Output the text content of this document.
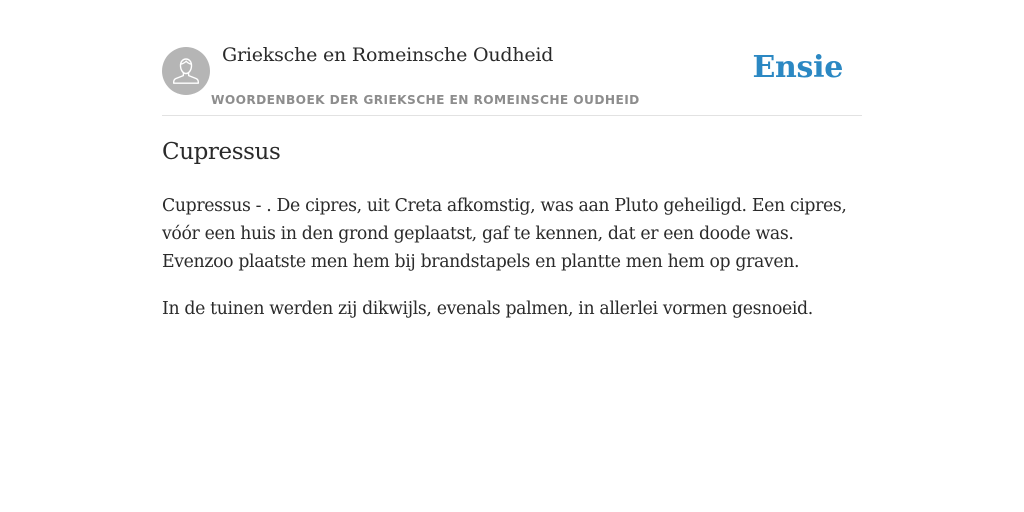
Grieksche en Romeinsche Oudheid
WOORDENBOEK DER GRIEKSCHE EN ROMEINSCHE OUDHEID
Ensie
Cupressus

Cupressus - . De cipres, uit Creta afkomstig, was aan Pluto geheiligd. Een cipres, vóór een huis in den grond geplaatst, gaf te kennen, dat er een doode was. Evenzoo plaatste men hem bij brandstapels en plantte men hem op graven.

In de tuinen werden zij dikwijls, evenals palmen, in allerlei vormen gesnoeid.
